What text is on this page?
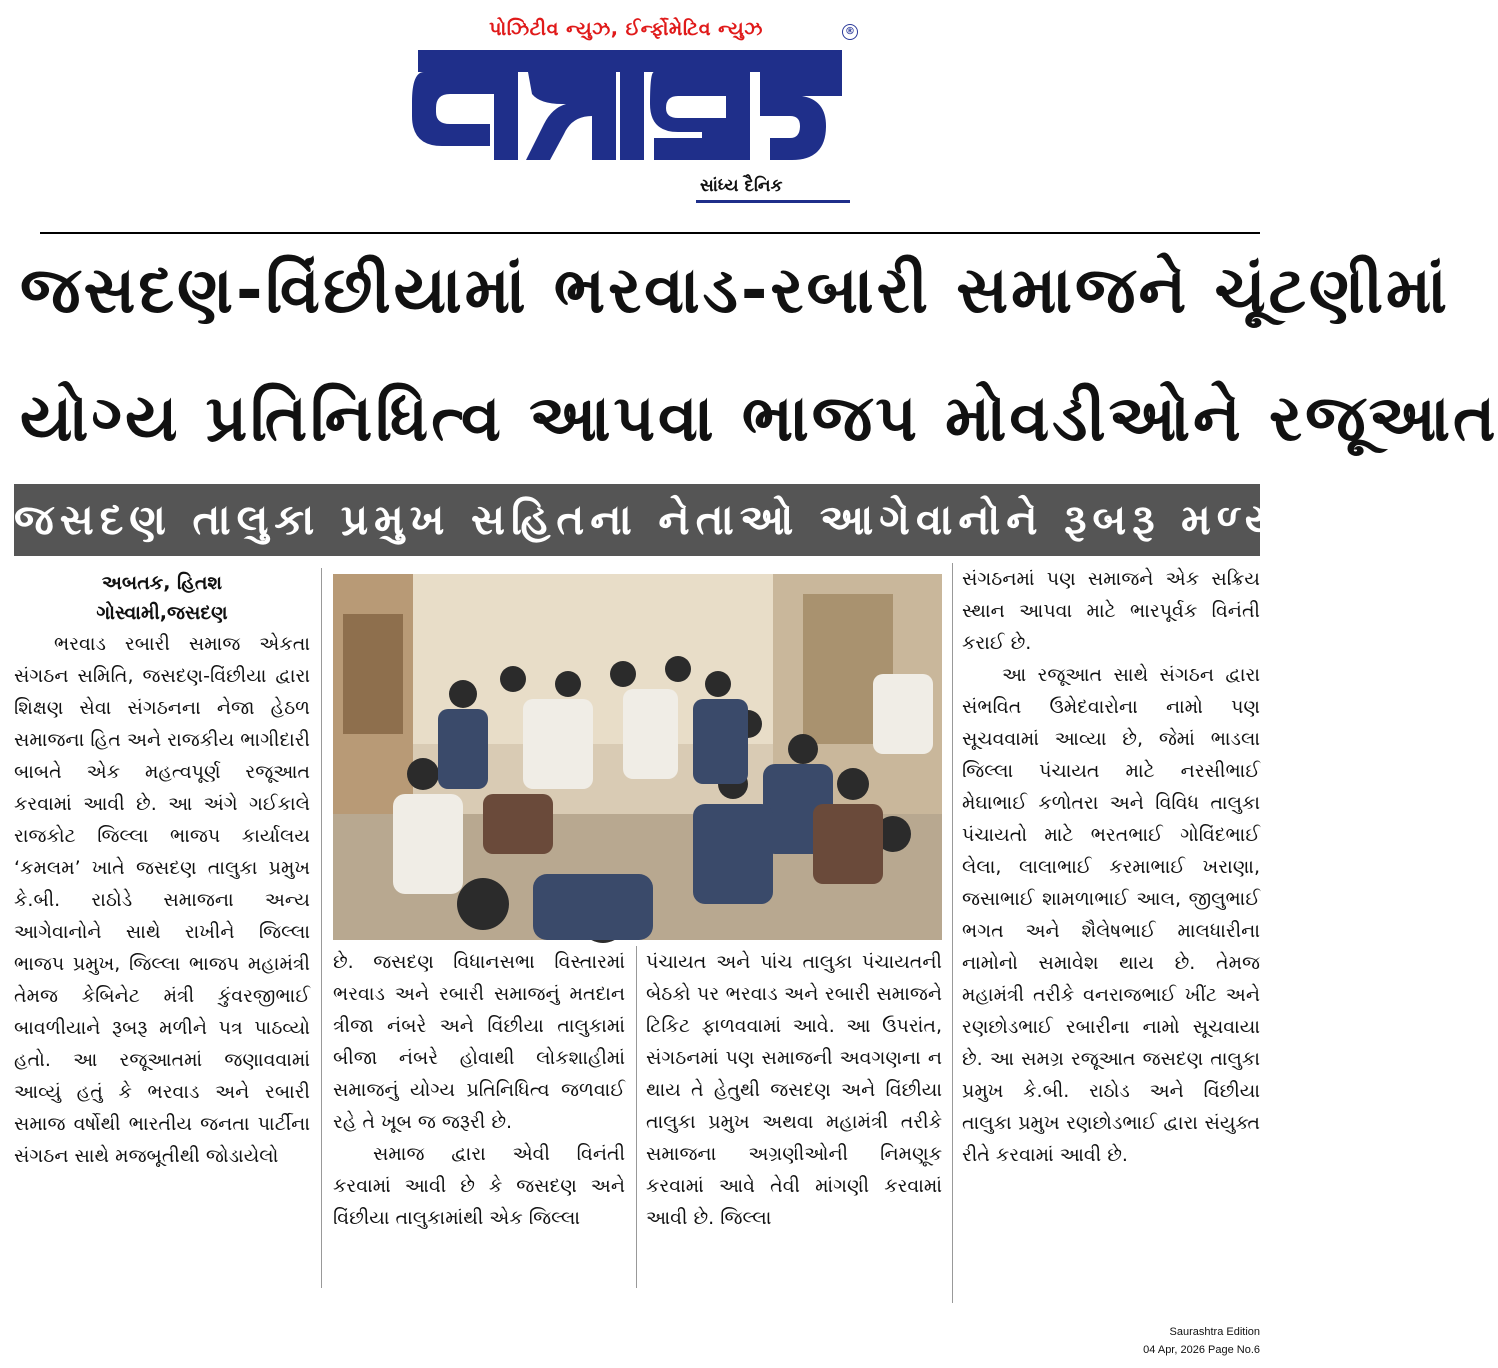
પોઝિટીવ ન્યુઝ, ઈર્ન્ફોમેટિવ ન્યુઝ	®
સાંધ્ય દૈનિક
જસદણ-વિંછીયામાં ભરવાડ-રબારી સમાજને ચૂંટણીમાં
યોગ્ય પ્રતિનિધિત્વ આપવા ભાજપ મોવડીઓને રજૂઆત
જસદણ તાલુકા પ્રમુખ સહિતના નેતાઓ આગેવાનોને રૂબરૂ મળ્યા
અબતક, હિતશ
ગોસ્વામી,જસદણ

ભરવાડ રબારી સમાજ એકતા સંગઠન સમિતિ, જસદણ-વિંછીયા દ્વારા શિક્ષણ સેવા સંગઠનના નેજા હેઠળ સમાજના હિત અને રાજકીય ભાગીદારી બાબતે એક મહત્વપૂર્ણ રજૂઆત કરવામાં આવી છે. આ અંગે ગઈકાલે રાજકોટ જિલ્લા ભાજપ કાર્યાલય ‘કમલમ’ ખાતે જસદણ તાલુકા પ્રમુખ કે.બી. રાઠોડે સમાજના અન્ય આગેવાનોને સાથે રાખીને જિલ્લા ભાજપ પ્રમુખ, જિલ્લા ભાજપ મહામંત્રી તેમજ કેબિનેટ મંત્રી કુંવરજીભાઈ બાવળીયાને રૂબરૂ મળીને પત્ર પાઠવ્યો હતો. આ રજૂઆતમાં જણાવવામાં આવ્યું હતું કે ભરવાડ અને રબારી સમાજ વર્ષોથી ભારતીય જનતા પાર્ટીના સંગઠન સાથે મજબૂતીથી જોડાયેલો

છે. જસદણ વિધાનસભા વિસ્તારમાં ભરવાડ અને રબારી સમાજનું મતદાન ત્રીજા નંબરે અને વિંછીયા તાલુકામાં બીજા નંબરે હોવાથી લોકશાહીમાં સમાજનું યોગ્ય પ્રતિનિધિત્વ જળવાઈ રહે તે ખૂબ જ જરૂરી છે.

સમાજ દ્વારા એવી વિનંતી કરવામાં આવી છે કે જસદણ અને વિંછીયા તાલુકામાંથી એક જિલ્લા

પંચાયત અને પાંચ તાલુકા પંચાયતની બેઠકો પર ભરવાડ અને રબારી સમાજને ટિકિટ ફાળવવામાં આવે. આ ઉપરાંત, સંગઠનમાં પણ સમાજની અવગણના ન થાય તે હેતુથી જસદણ અને વિંછીયા તાલુકા પ્રમુખ અથવા મહામંત્રી તરીકે સમાજના અગ્રણીઓની નિમણૂક કરવામાં આવે તેવી માંગણી કરવામાં આવી છે. જિલ્લા

સંગઠનમાં પણ સમાજને એક સક્રિય સ્થાન આપવા માટે ભારપૂર્વક વિનંતી કરાઈ છે.

આ રજૂઆત સાથે સંગઠન દ્વારા સંભવિત ઉમેદવારોના નામો પણ સૂચવવામાં આવ્યા છે, જેમાં ભાડલા જિલ્લા પંચાયત માટે નરસીભાઈ મેઘાભાઈ કળોતરા અને વિવિધ તાલુકા પંચાયતો માટે ભરતભાઈ ગોવિંદભાઈ લેલા, લાલાભાઈ કરમાભાઈ ખરાણા, જસાભાઈ શામળાભાઈ આલ, જીલુભાઈ ભગત અને શૈલેષભાઈ માલધારીના નામોનો સમાવેશ થાય છે. તેમજ મહામંત્રી તરીકે વનરાજભાઈ ખીંટ અને રણછોડભાઈ રબારીના નામો સૂચવાયા છે. આ સમગ્ર રજૂઆત જસદણ તાલુકા પ્રમુખ કે.બી. રાઠોડ અને વિંછીયા તાલુકા પ્રમુખ રણછોડભાઈ દ્વારા સંયુક્ત રીતે કરવામાં આવી છે.

Saurashtra Edition
04 Apr, 2026 Page No.6
